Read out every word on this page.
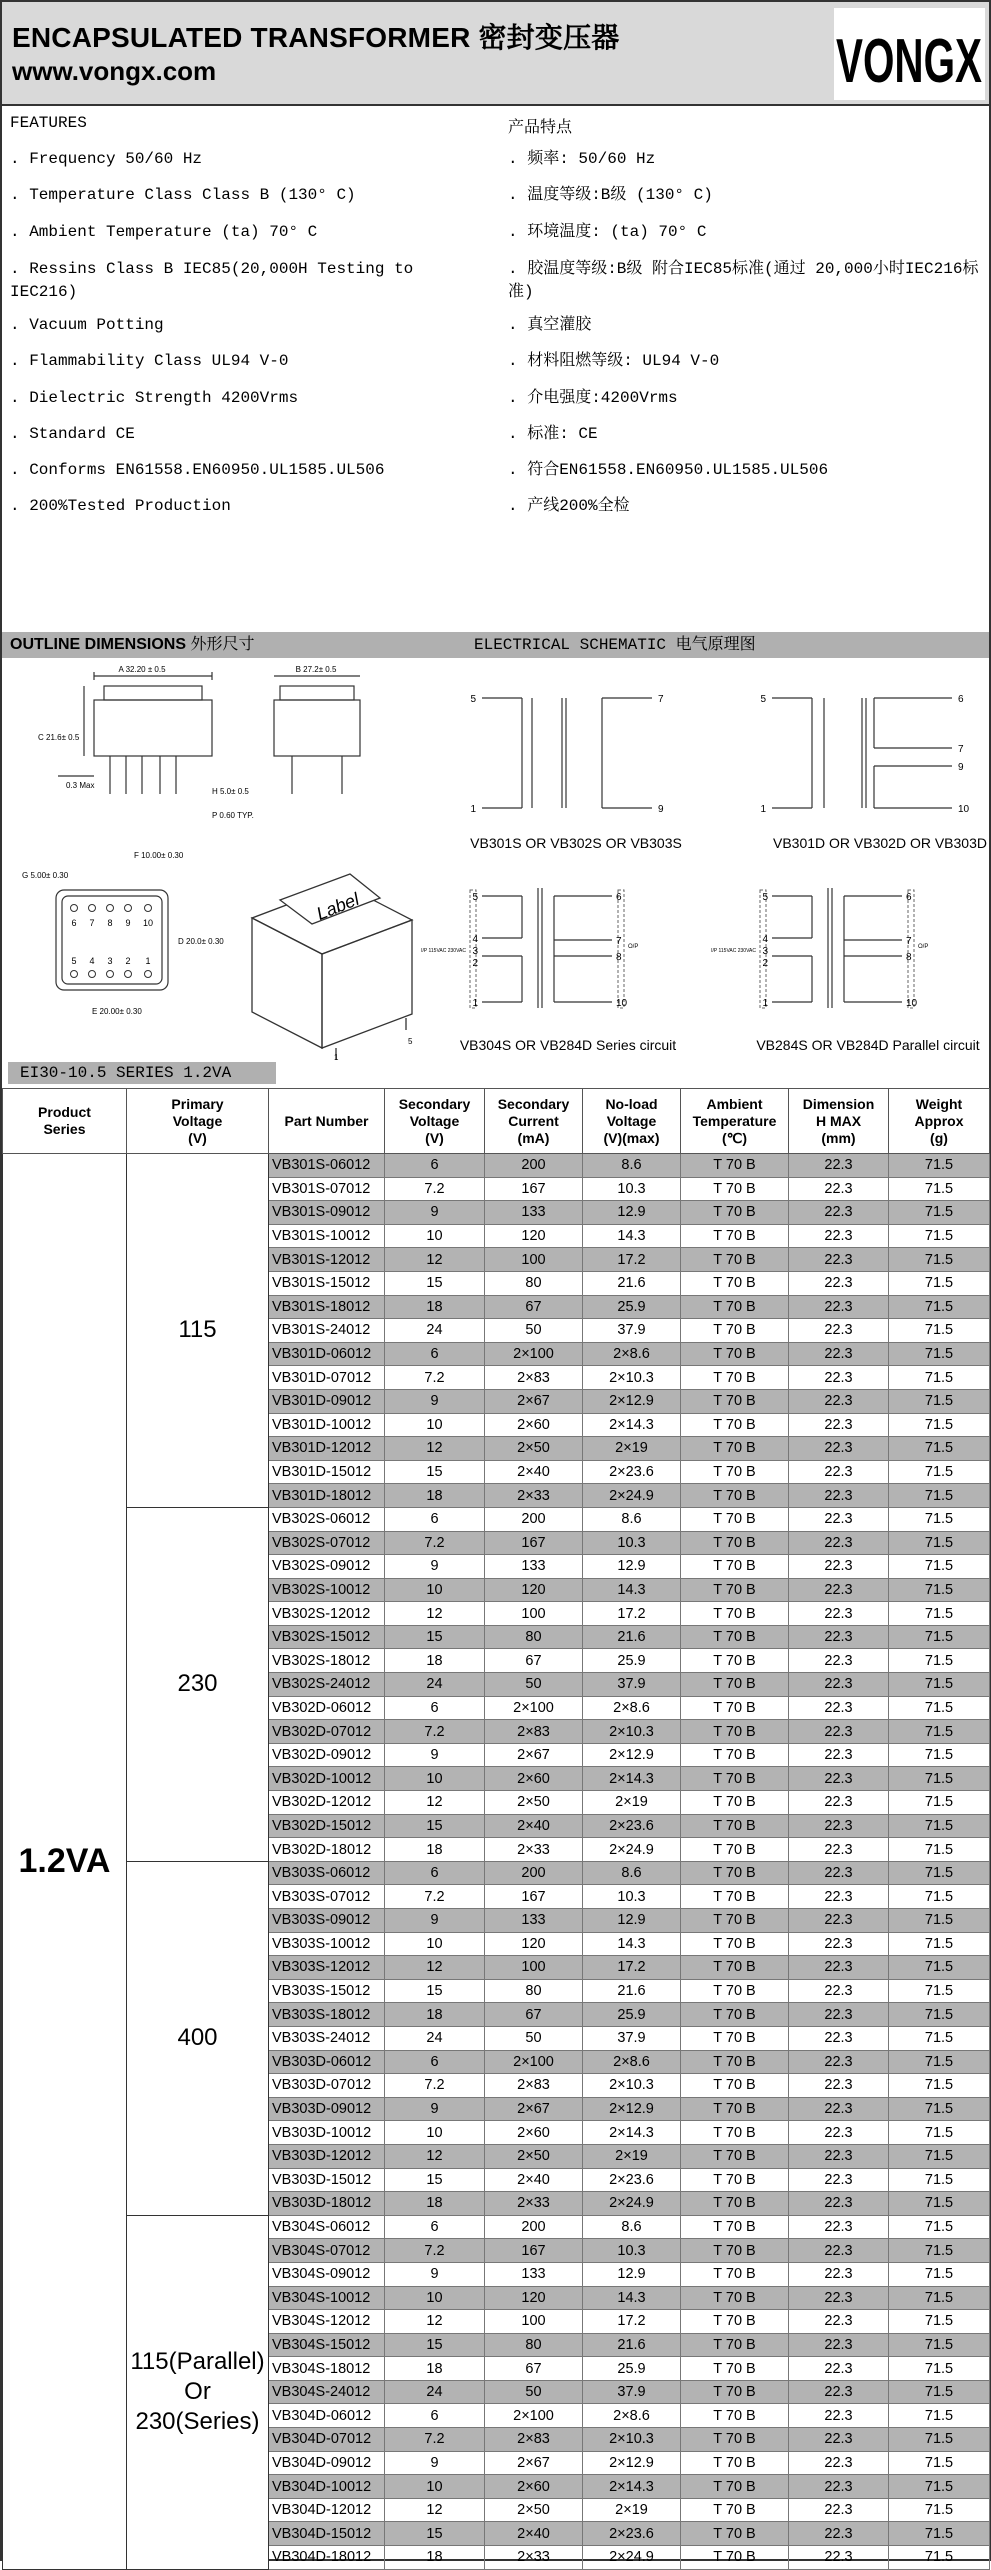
ENCAPSULATED TRANSFORMER 密封变压器
www.vongx.com	VONGX
FEATURES	产品特点
. Frequency 50/60 Hz
. Temperature Class Class B (130° C)
. Ambient Temperature (ta) 70° C
. Ressins Class B IEC85(20,000H Testing to IEC216)
. Vacuum Potting
. Flammability Class UL94 V-0
. Dielectric Strength 4200Vrms
. Standard CE
. Conforms EN61558.EN60950.UL1585.UL506
. 200%Tested Production
. 频率: 50/60 Hz
. 温度等级:B级 (130° C)
. 环境温度: (ta) 70° C
. 胶温度等级:B级 附合IEC85标准(通过 20,000小时IEC216标准)
. 真空灌胶
. 材料阻燃等级: UL94 V-0
. 介电强度:4200Vrms
. 标准: CE
. 符合EN61558.EN60950.UL1585.UL506
. 产线200%全检
OUTLINE DIMENSIONS 外形尺寸	ELECTRICAL SCHEMATIC 电气原理图
A 32.20 ± 0.5
C 21.6± 0.5
0.3 Max
B 27.2± 0.5
H 5.0± 0.5
P 0.60 TYP.
6 7 8 9 10
5 4 3 2 1
F 10.00± 0.30
G 5.00± 0.30
D 20.0± 0.30
E 20.00± 0.30
Label
5
1
5
1
7
9
5
1
6
7
9
10
5
4
3
2
1
6
7
8
10
I/P 115VAC 230VAC
O/P
5
4
3
2
1
6
7
8
10
I/P 115VAC 230VAC
O/P
VB301S OR VB302S OR VB303S	VB301D OR VB302D OR VB303D
VB304S OR VB284D Series circuit	VB284S OR VB284D Parallel circuit
EI30-10.5 SERIES 1.2VA
Product
Series	Primary
Voltage
(V)	Part Number	Secondary
Voltage
(V)	Secondary
Current
(mA)	No-load
Voltage
(V)(max)	Ambient
Temperature
(℃)	Dimension
H MAX
(mm)	Weight
Approx
(g)
1.2VA	115	VB301S-06012	6	200	8.6	T 70 B	22.3	71.5
		VB301S-07012	7.2	167	10.3	T 70 B	22.3	71.5
		VB301S-09012	9	133	12.9	T 70 B	22.3	71.5
		VB301S-10012	10	120	14.3	T 70 B	22.3	71.5
		VB301S-12012	12	100	17.2	T 70 B	22.3	71.5
		VB301S-15012	15	80	21.6	T 70 B	22.3	71.5
		VB301S-18012	18	67	25.9	T 70 B	22.3	71.5
		VB301S-24012	24	50	37.9	T 70 B	22.3	71.5
		VB301D-06012	6	2×100	2×8.6	T 70 B	22.3	71.5
		VB301D-07012	7.2	2×83	2×10.3	T 70 B	22.3	71.5
		VB301D-09012	9	2×67	2×12.9	T 70 B	22.3	71.5
		VB301D-10012	10	2×60	2×14.3	T 70 B	22.3	71.5
		VB301D-12012	12	2×50	2×19	T 70 B	22.3	71.5
		VB301D-15012	15	2×40	2×23.6	T 70 B	22.3	71.5
		VB301D-18012	18	2×33	2×24.9	T 70 B	22.3	71.5
	230	VB302S-06012	6	200	8.6	T 70 B	22.3	71.5
		VB302S-07012	7.2	167	10.3	T 70 B	22.3	71.5
		VB302S-09012	9	133	12.9	T 70 B	22.3	71.5
		VB302S-10012	10	120	14.3	T 70 B	22.3	71.5
		VB302S-12012	12	100	17.2	T 70 B	22.3	71.5
		VB302S-15012	15	80	21.6	T 70 B	22.3	71.5
		VB302S-18012	18	67	25.9	T 70 B	22.3	71.5
		VB302S-24012	24	50	37.9	T 70 B	22.3	71.5
		VB302D-06012	6	2×100	2×8.6	T 70 B	22.3	71.5
		VB302D-07012	7.2	2×83	2×10.3	T 70 B	22.3	71.5
		VB302D-09012	9	2×67	2×12.9	T 70 B	22.3	71.5
		VB302D-10012	10	2×60	2×14.3	T 70 B	22.3	71.5
		VB302D-12012	12	2×50	2×19	T 70 B	22.3	71.5
		VB302D-15012	15	2×40	2×23.6	T 70 B	22.3	71.5
		VB302D-18012	18	2×33	2×24.9	T 70 B	22.3	71.5
	400	VB303S-06012	6	200	8.6	T 70 B	22.3	71.5
		VB303S-07012	7.2	167	10.3	T 70 B	22.3	71.5
		VB303S-09012	9	133	12.9	T 70 B	22.3	71.5
		VB303S-10012	10	120	14.3	T 70 B	22.3	71.5
		VB303S-12012	12	100	17.2	T 70 B	22.3	71.5
		VB303S-15012	15	80	21.6	T 70 B	22.3	71.5
		VB303S-18012	18	67	25.9	T 70 B	22.3	71.5
		VB303S-24012	24	50	37.9	T 70 B	22.3	71.5
		VB303D-06012	6	2×100	2×8.6	T 70 B	22.3	71.5
		VB303D-07012	7.2	2×83	2×10.3	T 70 B	22.3	71.5
		VB303D-09012	9	2×67	2×12.9	T 70 B	22.3	71.5
		VB303D-10012	10	2×60	2×14.3	T 70 B	22.3	71.5
		VB303D-12012	12	2×50	2×19	T 70 B	22.3	71.5
		VB303D-15012	15	2×40	2×23.6	T 70 B	22.3	71.5
		VB303D-18012	18	2×33	2×24.9	T 70 B	22.3	71.5
	115(Parallel)
Or
230(Series)	VB304S-06012	6	200	8.6	T 70 B	22.3	71.5
		VB304S-07012	7.2	167	10.3	T 70 B	22.3	71.5
		VB304S-09012	9	133	12.9	T 70 B	22.3	71.5
		VB304S-10012	10	120	14.3	T 70 B	22.3	71.5
		VB304S-12012	12	100	17.2	T 70 B	22.3	71.5
		VB304S-15012	15	80	21.6	T 70 B	22.3	71.5
		VB304S-18012	18	67	25.9	T 70 B	22.3	71.5
		VB304S-24012	24	50	37.9	T 70 B	22.3	71.5
		VB304D-06012	6	2×100	2×8.6	T 70 B	22.3	71.5
		VB304D-07012	7.2	2×83	2×10.3	T 70 B	22.3	71.5
		VB304D-09012	9	2×67	2×12.9	T 70 B	22.3	71.5
		VB304D-10012	10	2×60	2×14.3	T 70 B	22.3	71.5
		VB304D-12012	12	2×50	2×19	T 70 B	22.3	71.5
		VB304D-15012	15	2×40	2×23.6	T 70 B	22.3	71.5
		VB304D-18012	18	2×33	2×24.9	T 70 B	22.3	71.5
